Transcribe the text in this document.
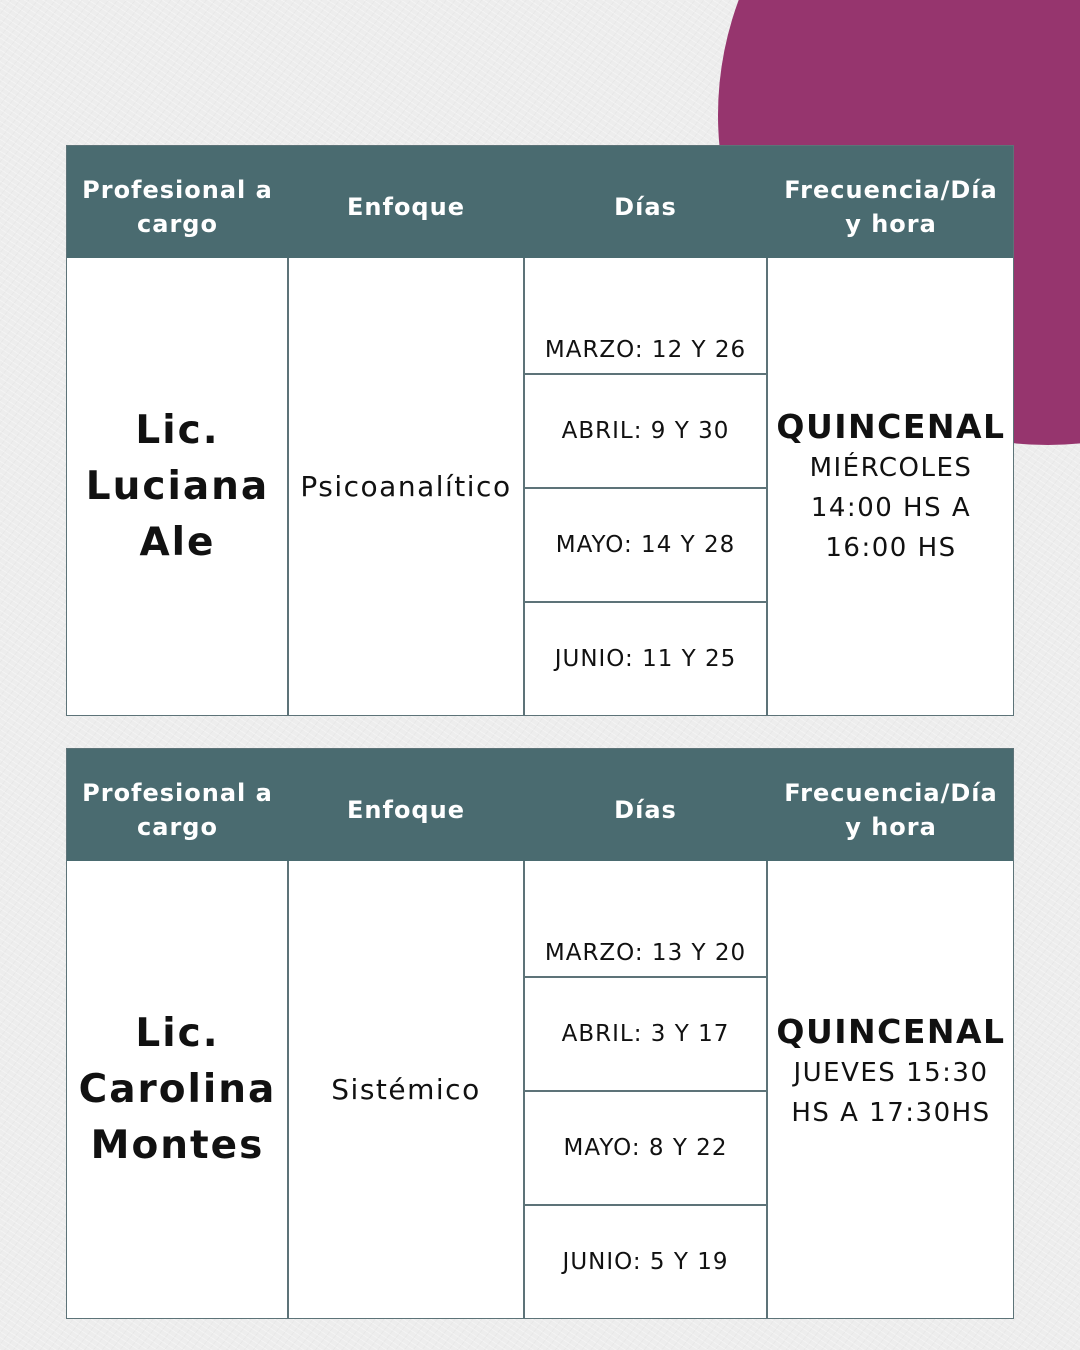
Profesional a cargo
Enfoque	Días
Frecuencia/Día y hora
Lic.
Luciana
Ale
Psicoanalítico
MARZO: 12 Y 26
ABRIL: 9 Y 30
MAYO: 14 Y 28
JUNIO: 11 Y 25
QUINCENAL
MIÉRCOLES 14:00 HS A 16:00 HS
Profesional a cargo
Enfoque	Días
Frecuencia/Día y hora
Lic.
Carolina
Montes
Sistémico
MARZO: 13 Y 20
ABRIL: 3 Y 17
MAYO: 8 Y 22
JUNIO: 5 Y 19
QUINCENAL
JUEVES 15:30 HS A 17:30HS
